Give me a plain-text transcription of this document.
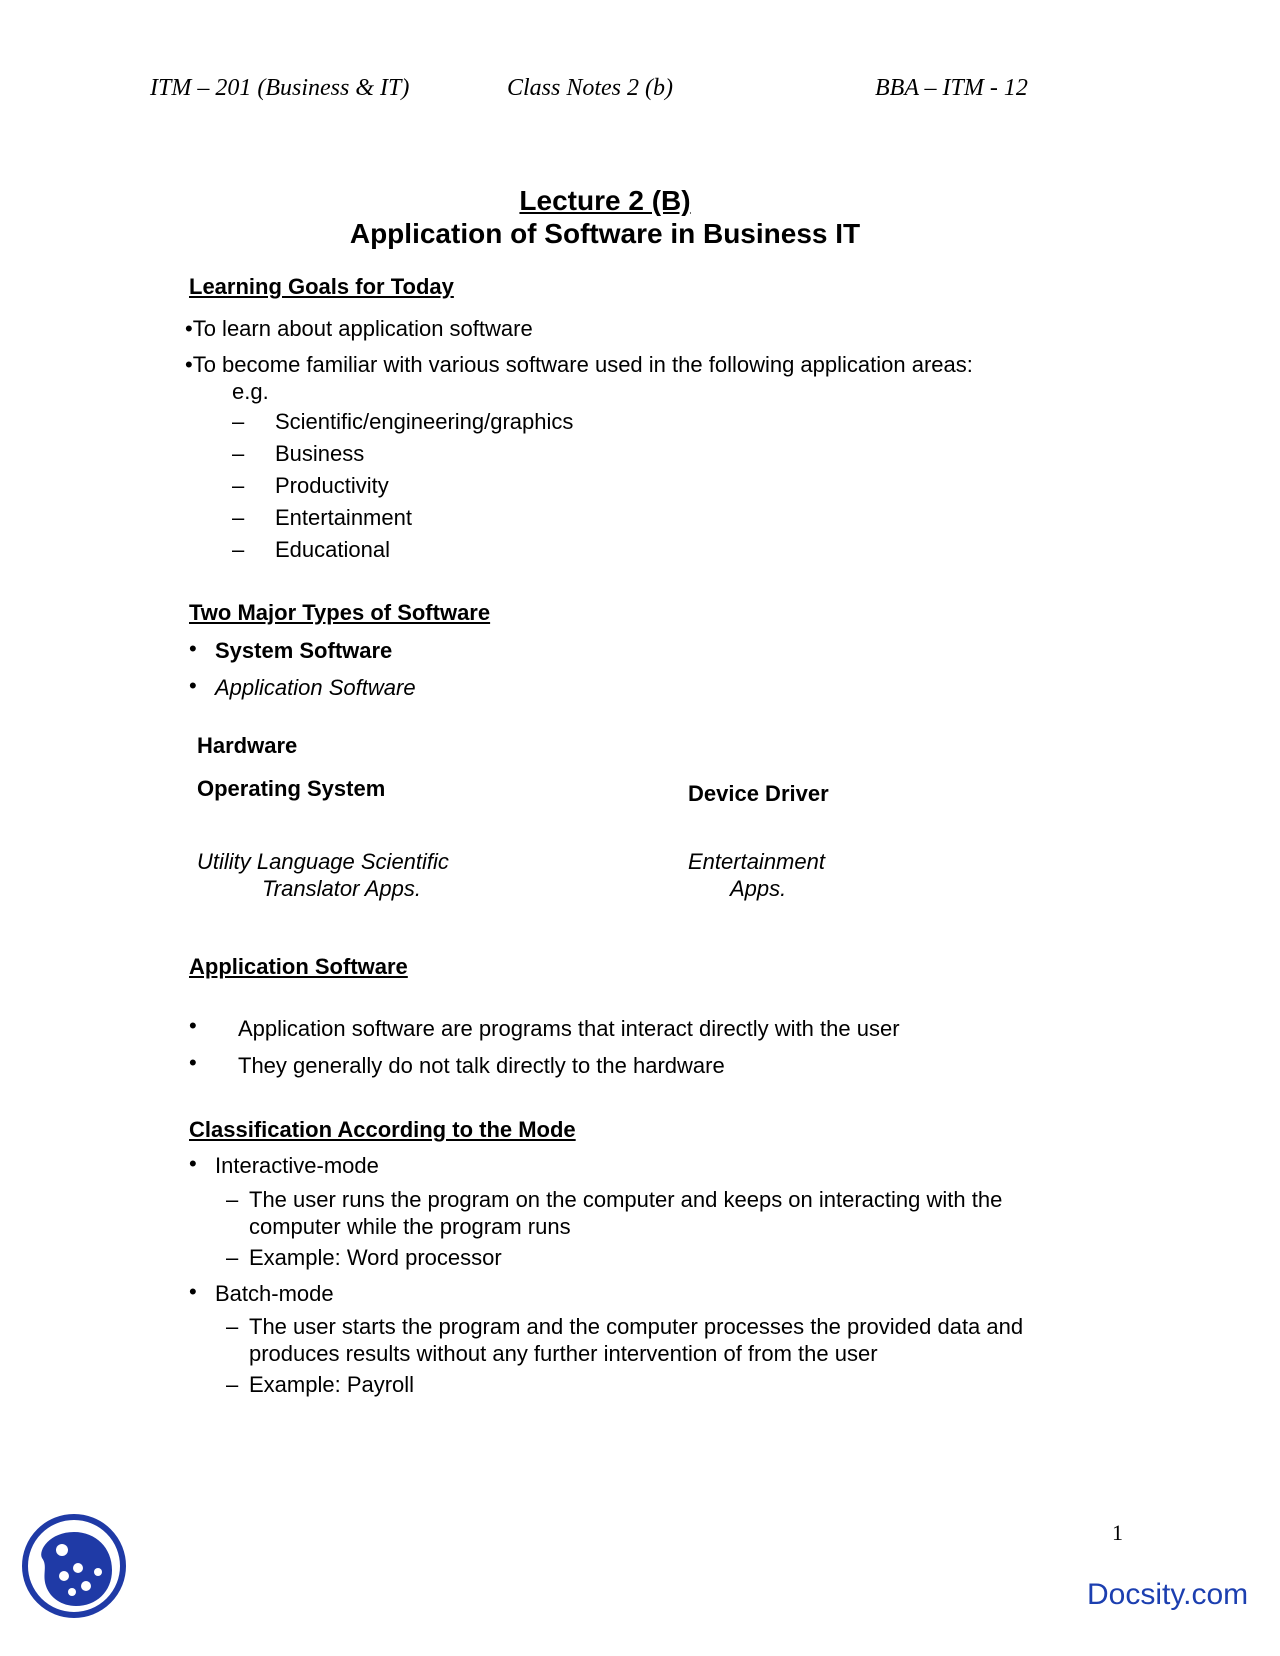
ITM – 201 (Business & IT)	Class Notes 2 (b)	BBA – ITM - 12
Lecture 2 (B)
Application of Software in Business IT
Learning Goals for Today
•To learn about application software
•To become familiar with various software used in the following application areas:
e.g.
– Scientific/engineering/graphics
– Business
– Productivity
– Entertainment
– Educational
Two Major Types of Software
• System Software
• Application Software
Hardware
Operating System	Device Driver
Utility Language Scientific
Translator Apps.
Entertainment
Apps.
Application Software
• Application software are programs that interact directly with the user
• They generally do not talk directly to the hardware
Classification According to the Mode
• Interactive-mode
– The user runs the program on the computer and keeps on interacting with the
computer while the program runs
– Example: Word processor
• Batch-mode
– The user starts the program and the computer processes the provided data and
produces results without any further intervention of from the user
– Example: Payroll
1
Docsity.com
